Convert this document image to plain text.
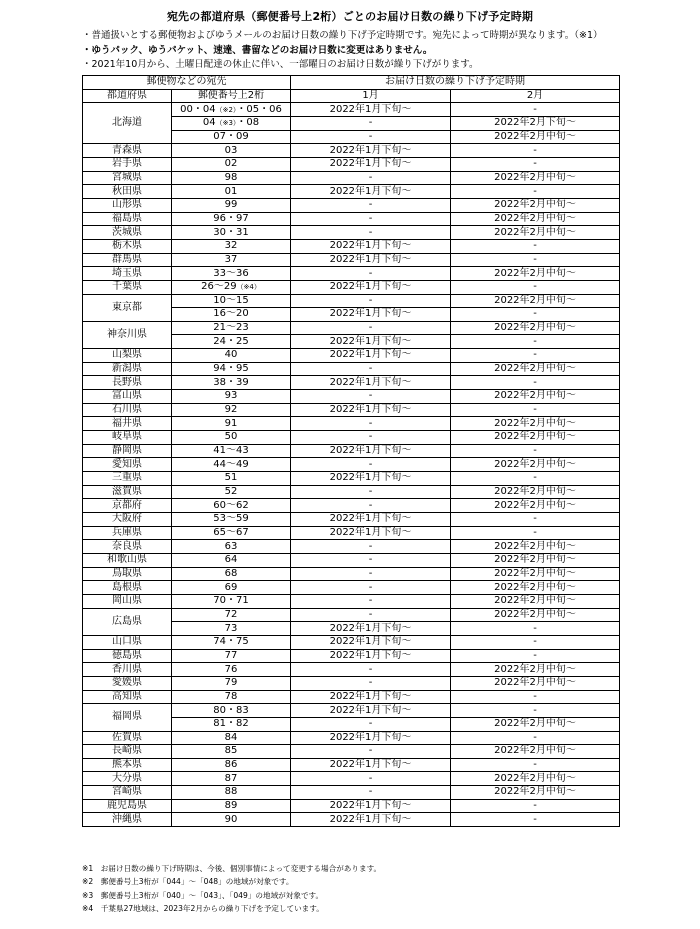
宛先の都道府県（郵便番号上2桁）ごとのお届け日数の繰り下げ予定時期
・普通扱いとする郵便物およびゆうメールのお届け日数の繰り下げ予定時期です。宛先によって時期が異なります。（※1）
・ゆうパック、ゆうパケット、速達、書留などのお届け日数に変更はありません。
・2021年10月から、土曜日配達の休止に伴い、一部曜日のお届け日数が繰り下げがります。
郵便物などの宛先		お届け日数の繰り下げ予定時期	
都道府県	郵便番号上2桁	1月	2月
北海道	00・04（※2）・05・06	2022年1月下旬～	-
	04（※3）・08	-	2022年2月下旬～
	07・09	-	2022年2月中旬～
青森県	03	2022年1月下旬～	-
岩手県	02	2022年1月下旬～	-
宮城県	98	-	2022年2月中旬～
秋田県	01	2022年1月下旬～	-
山形県	99	-	2022年2月中旬～
福島県	96・97	-	2022年2月中旬～
茨城県	30・31	-	2022年2月中旬～
栃木県	32	2022年1月下旬～	-
群馬県	37	2022年1月下旬～	-
埼玉県	33～36	-	2022年2月中旬～
千葉県	26～29（※4）	2022年1月下旬～	-
東京都	10～15	-	2022年2月中旬～
	16～20	2022年1月下旬～	-
神奈川県	21～23	-	2022年2月中旬～
	24・25	2022年1月下旬～	-
山梨県	40	2022年1月下旬～	-
新潟県	94・95	-	2022年2月中旬～
長野県	38・39	2022年1月下旬～	-
富山県	93	-	2022年2月中旬～
石川県	92	2022年1月下旬～	-
福井県	91	-	2022年2月中旬～
岐阜県	50	-	2022年2月中旬～
静岡県	41～43	2022年1月下旬～	-
愛知県	44～49	-	2022年2月中旬～
三重県	51	2022年1月下旬～	-
滋賀県	52	-	2022年2月中旬～
京都府	60～62	-	2022年2月中旬～
大阪府	53～59	2022年1月下旬～	-
兵庫県	65～67	2022年1月下旬～	-
奈良県	63	-	2022年2月中旬～
和歌山県	64	-	2022年2月中旬～
鳥取県	68	-	2022年2月中旬～
島根県	69	-	2022年2月中旬～
岡山県	70・71	-	2022年2月中旬～
広島県	72	-	2022年2月中旬～
	73	2022年1月下旬～	-
山口県	74・75	2022年1月下旬～	-
徳島県	77	2022年1月下旬～	-
香川県	76	-	2022年2月中旬～
愛媛県	79	-	2022年2月中旬～
高知県	78	2022年1月下旬～	-
福岡県	80・83	2022年1月下旬～	-
	81・82	-	2022年2月中旬～
佐賀県	84	2022年1月下旬～	-
長崎県	85	-	2022年2月中旬～
熊本県	86	2022年1月下旬～	-
大分県	87	-	2022年2月中旬～
宮崎県	88	-	2022年2月中旬～
鹿児島県	89	2022年1月下旬～	-
沖縄県	90	2022年1月下旬～	-
※1　お届け日数の繰り下げ時期は、今後、個別事情によって変更する場合があります。
※2　郵便番号上3桁が「044」～「048」の地域が対象です。
※3　郵便番号上3桁が「040」～「043」、「049」の地域が対象です。
※4　千葉県27地域は、2023年2月からの繰り下げを予定しています。
